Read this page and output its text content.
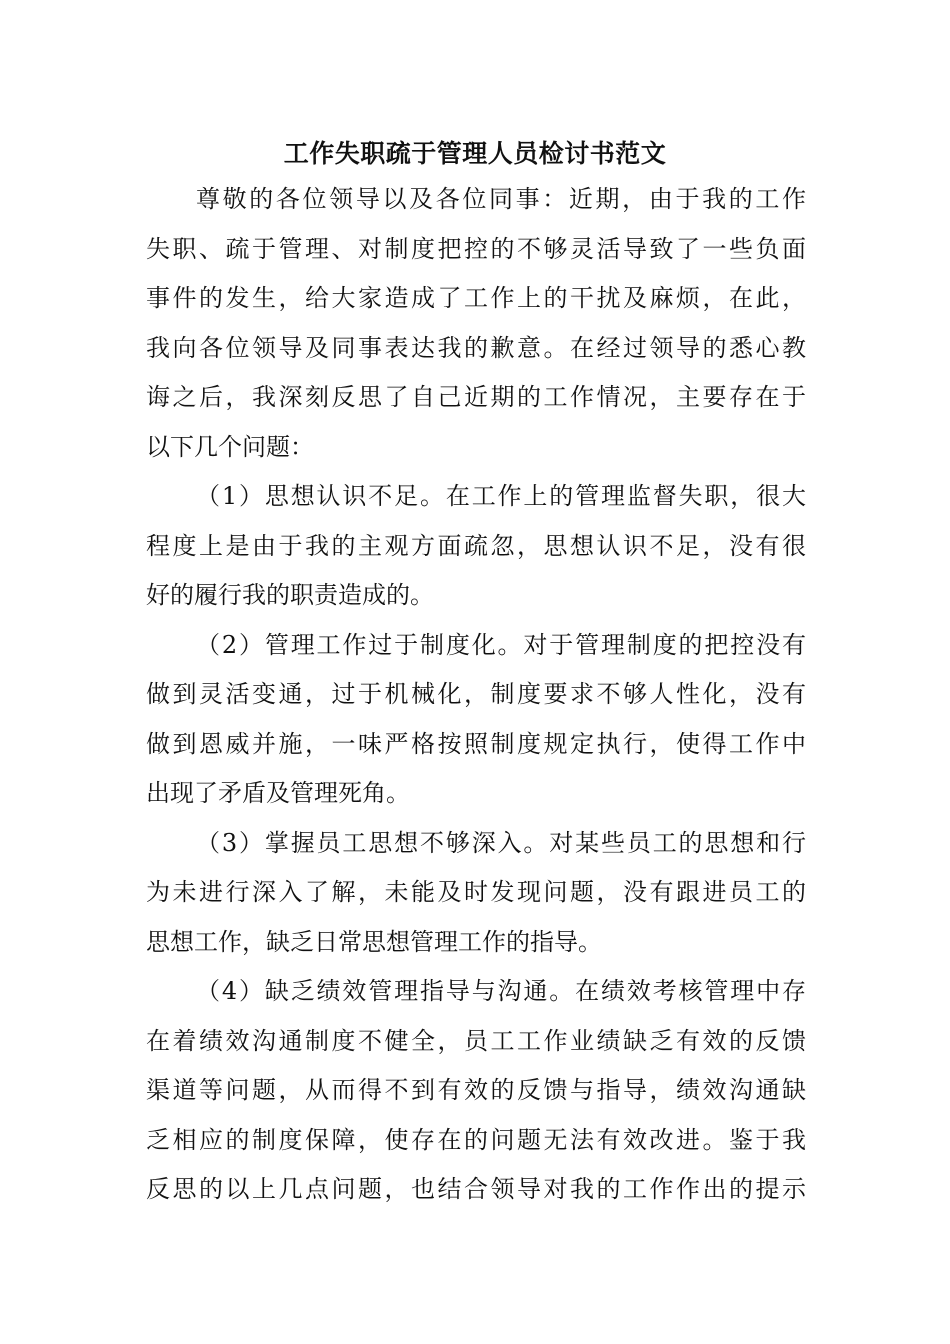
工作失职疏于管理人员检讨书范文
尊敬的各位领导以及各位同事：近期，由于我的工作
失职、疏于管理、对制度把控的不够灵活导致了一些负面
事件的发生，给大家造成了工作上的干扰及麻烦，在此，
我向各位领导及同事表达我的歉意。在经过领导的悉心教
诲之后，我深刻反思了自己近期的工作情况，主要存在于
以下几个问题：
（1）思想认识不足。在工作上的管理监督失职，很大
程度上是由于我的主观方面疏忽，思想认识不足，没有很
好的履行我的职责造成的。
（2）管理工作过于制度化。对于管理制度的把控没有
做到灵活变通，过于机械化，制度要求不够人性化，没有
做到恩威并施，一味严格按照制度规定执行，使得工作中
出现了矛盾及管理死角。
（3）掌握员工思想不够深入。对某些员工的思想和行
为未进行深入了解，未能及时发现问题，没有跟进员工的
思想工作，缺乏日常思想管理工作的指导。
（4）缺乏绩效管理指导与沟通。在绩效考核管理中存
在着绩效沟通制度不健全，员工工作业绩缺乏有效的反馈
渠道等问题，从而得不到有效的反馈与指导，绩效沟通缺
乏相应的制度保障，使存在的问题无法有效改进。鉴于我
反思的以上几点问题，也结合领导对我的工作作出的提示
